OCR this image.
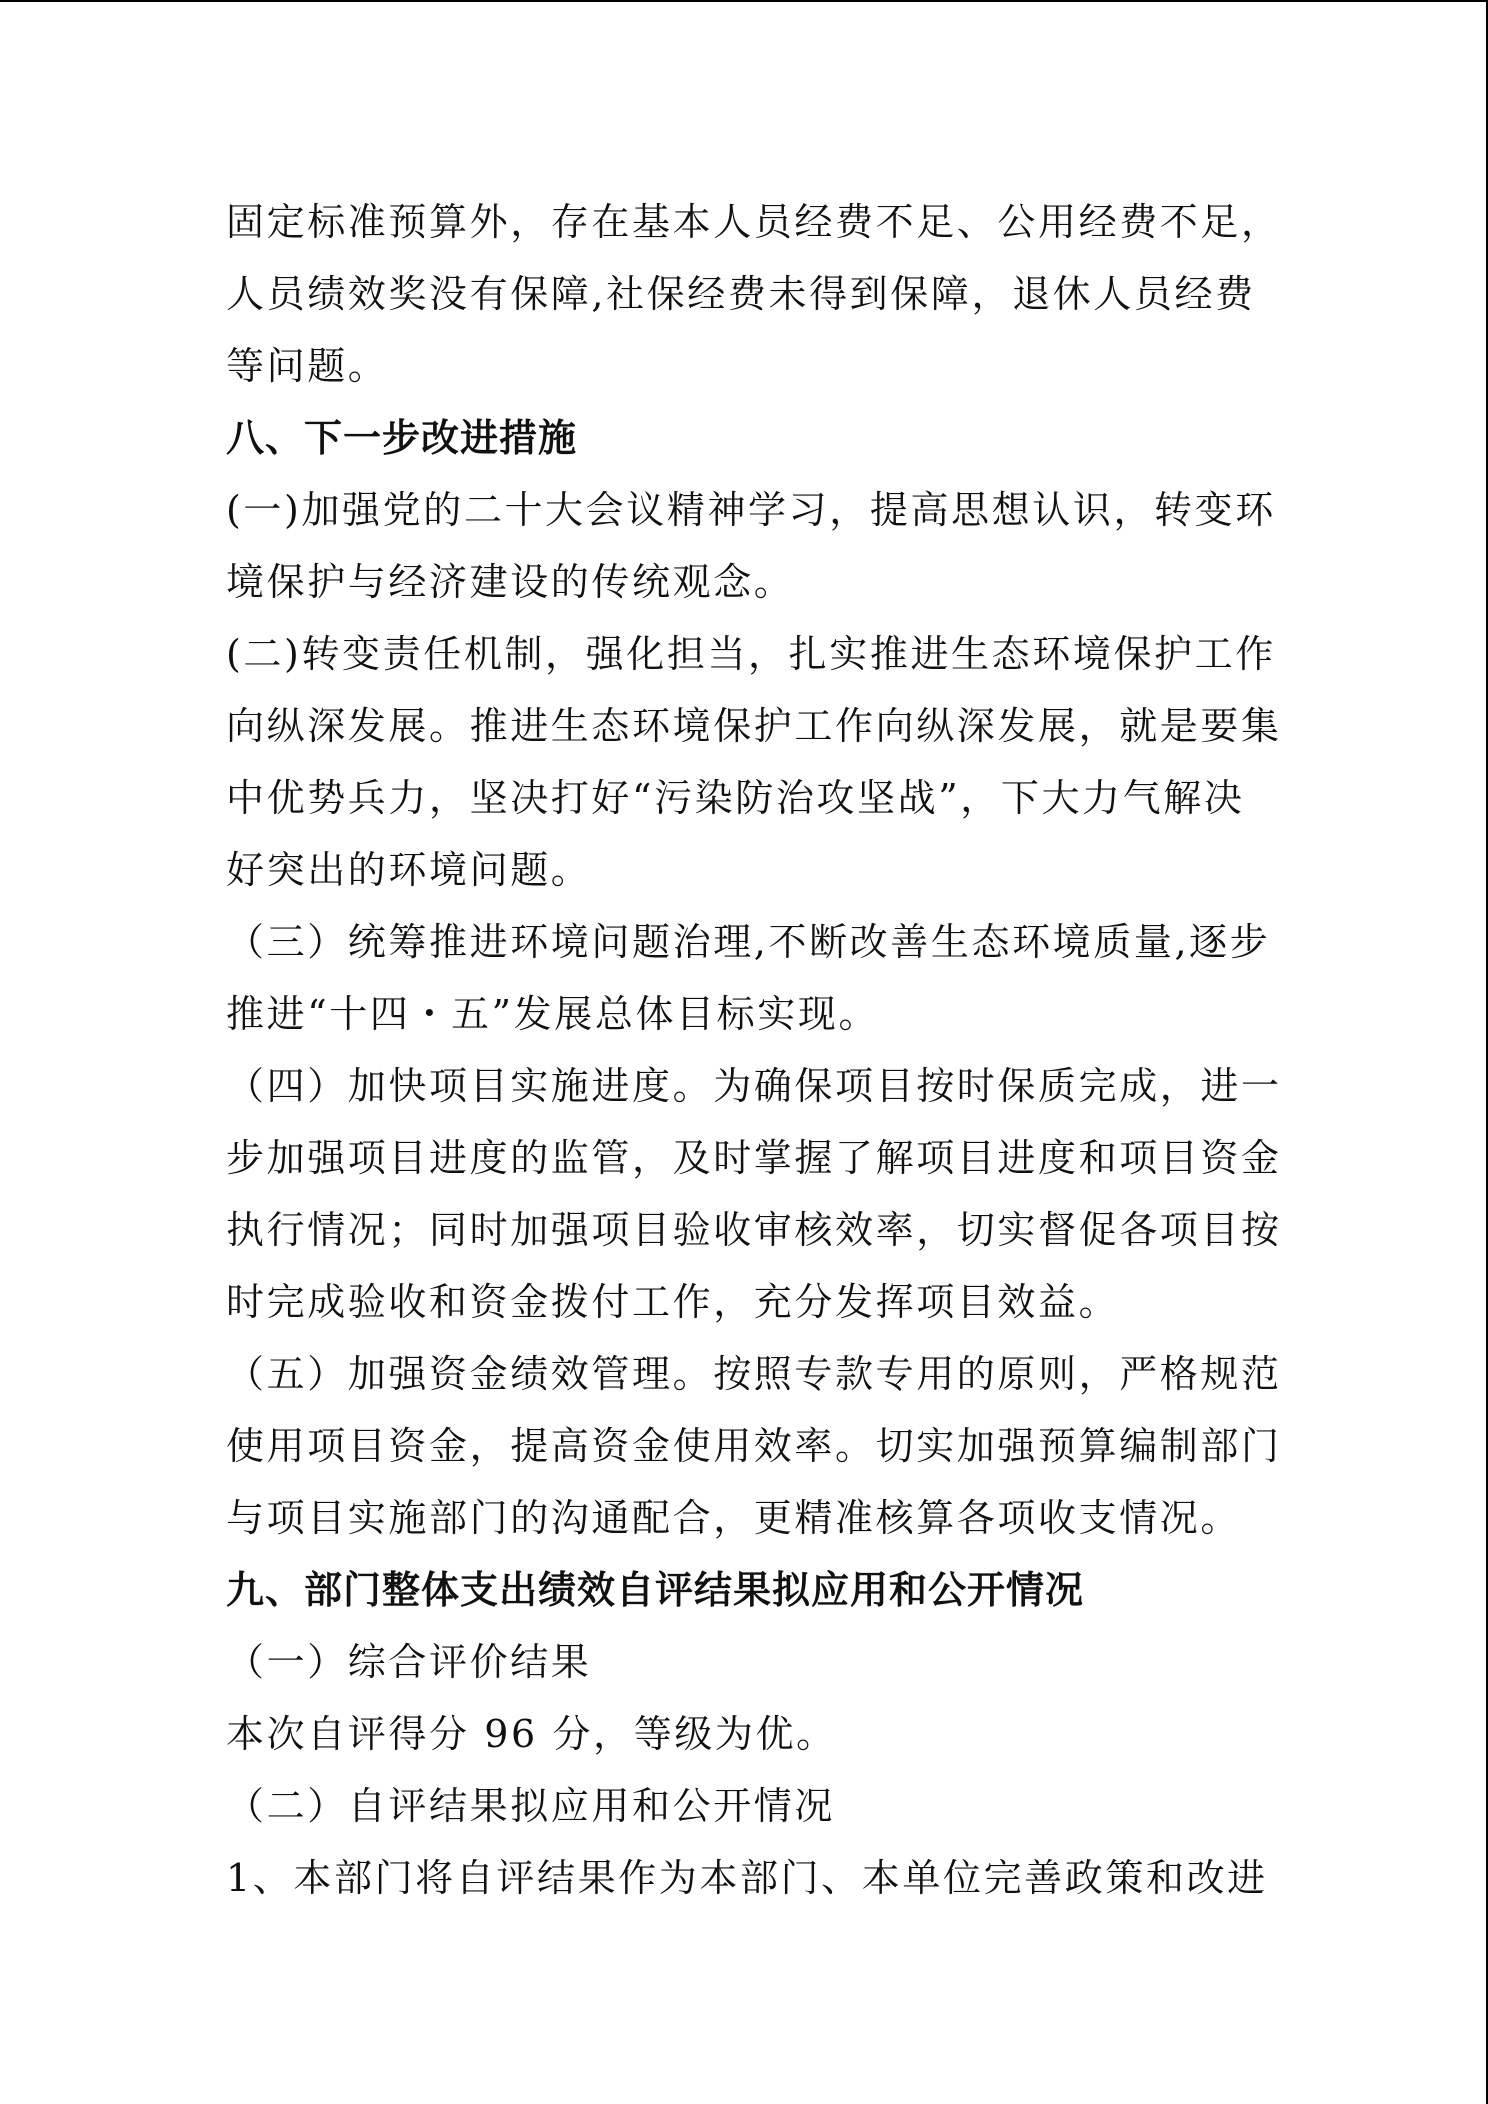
固定标准预算外，存在基本人员经费不足、公用经费不足，
人员绩效奖没有保障,社保经费未得到保障，退休人员经费
等问题。
八、下一步改进措施
(一)加强党的二十大会议精神学习，提高思想认识，转变环
境保护与经济建设的传统观念。
(二)转变责任机制，强化担当，扎实推进生态环境保护工作
向纵深发展。推进生态环境保护工作向纵深发展，就是要集
中优势兵力，坚决打好“污染防治攻坚战”，下大力气解决
好突出的环境问题。
（三）统筹推进环境问题治理,不断改善生态环境质量,逐步
推进“十四・五”发展总体目标实现。
（四）加快项目实施进度。为确保项目按时保质完成，进一
步加强项目进度的监管，及时掌握了解项目进度和项目资金
执行情况；同时加强项目验收审核效率，切实督促各项目按
时完成验收和资金拨付工作，充分发挥项目效益。
（五）加强资金绩效管理。按照专款专用的原则，严格规范
使用项目资金，提高资金使用效率。切实加强预算编制部门
与项目实施部门的沟通配合，更精准核算各项收支情况。
九、部门整体支出绩效自评结果拟应用和公开情况
（一）综合评价结果
本次自评得分 96 分，等级为优。
（二）自评结果拟应用和公开情况
1、本部门将自评结果作为本部门、本单位完善政策和改进
